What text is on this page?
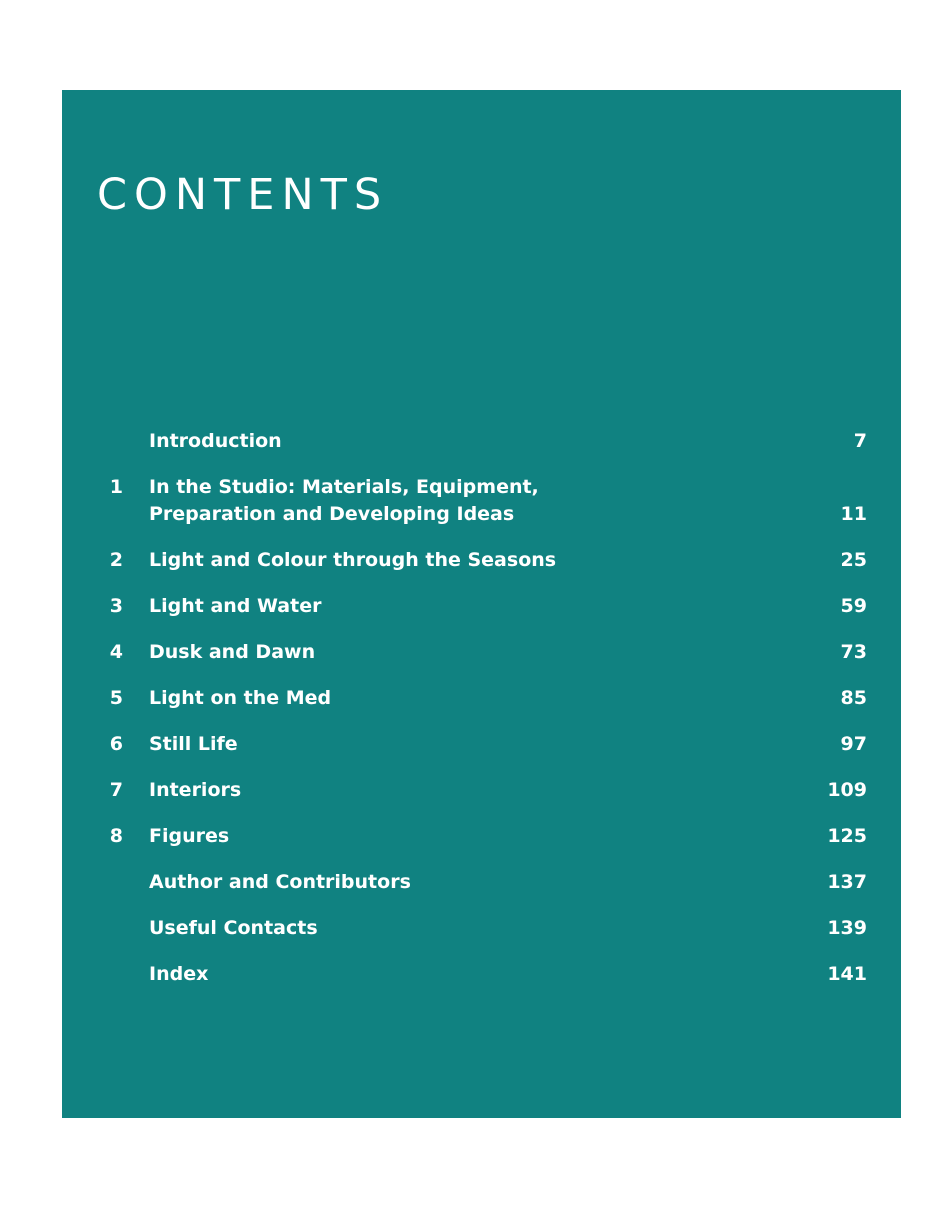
CONTENTS
Introduction	7
1 In the Studio: Materials, Equipment, Preparation and Developing Ideas	11
2 Light and Colour through the Seasons	25
3 Light and Water	59
4 Dusk and Dawn	73
5 Light on the Med	85
6 Still Life	97
7 Interiors	109
8 Figures	125
Author and Contributors	137
Useful Contacts	139
Index	141
